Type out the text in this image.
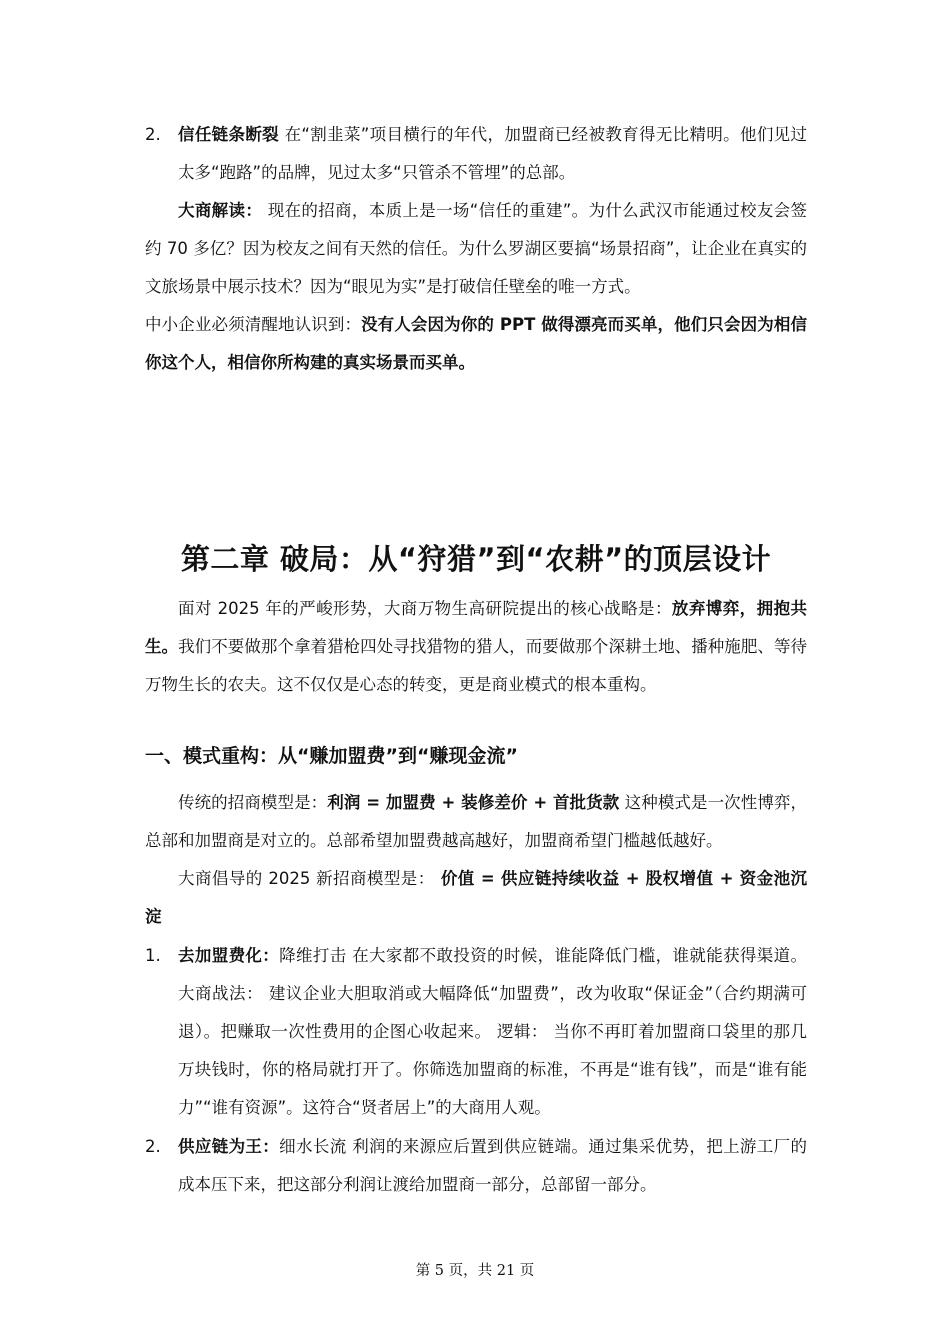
2. 信任链条断裂 在“割韭菜”项目横行的年代，加盟商已经被教育得无比精明。他们见过太多“跑路”的品牌，见过太多“只管杀不管埋”的总部。

大商解读： 现在的招商，本质上是一场“信任的重建”。为什么武汉市能通过校友会签约 70 多亿？因为校友之间有天然的信任。为什么罗湖区要搞“场景招商”，让企业在真实的文旅场景中展示技术？因为“眼见为实”是打破信任壁垒的唯一方式。
中小企业必须清醒地认识到：没有人会因为你的 PPT 做得漂亮而买单，他们只会因为相信你这个人，相信你所构建的真实场景而买单。

第二章 破局：从“狩猎”到“农耕”的顶层设计

面对 2025 年的严峻形势，大商万物生高研院提出的核心战略是：放弃博弈，拥抱共生。我们不要做那个拿着猎枪四处寻找猎物的猎人，而要做那个深耕土地、播种施肥、等待万物生长的农夫。这不仅仅是心态的转变，更是商业模式的根本重构。

一、模式重构：从“赚加盟费”到“赚现金流”

传统的招商模型是：利润 = 加盟费 + 装修差价 + 首批货款 这种模式是一次性博弈，总部和加盟商是对立的。总部希望加盟费越高越好，加盟商希望门槛越低越好。

大商倡导的 2025 新招商模型是： 价值 = 供应链持续收益 + 股权增值 + 资金池沉淀

1. 去加盟费化：降维打击 在大家都不敢投资的时候，谁能降低门槛，谁就能获得渠道。大商战法： 建议企业大胆取消或大幅降低“加盟费”，改为收取“保证金”（合约期满可退）。把赚取一次性费用的企图心收起来。 逻辑： 当你不再盯着加盟商口袋里的那几万块钱时，你的格局就打开了。你筛选加盟商的标准，不再是“谁有钱”，而是“谁有能力”“谁有资源”。这符合“贤者居上”的大商用人观。

2. 供应链为王：细水长流 利润的来源应后置到供应链端。通过集采优势，把上游工厂的成本压下来，把这部分利润让渡给加盟商一部分，总部留一部分。

第 5 页，共 21 页
